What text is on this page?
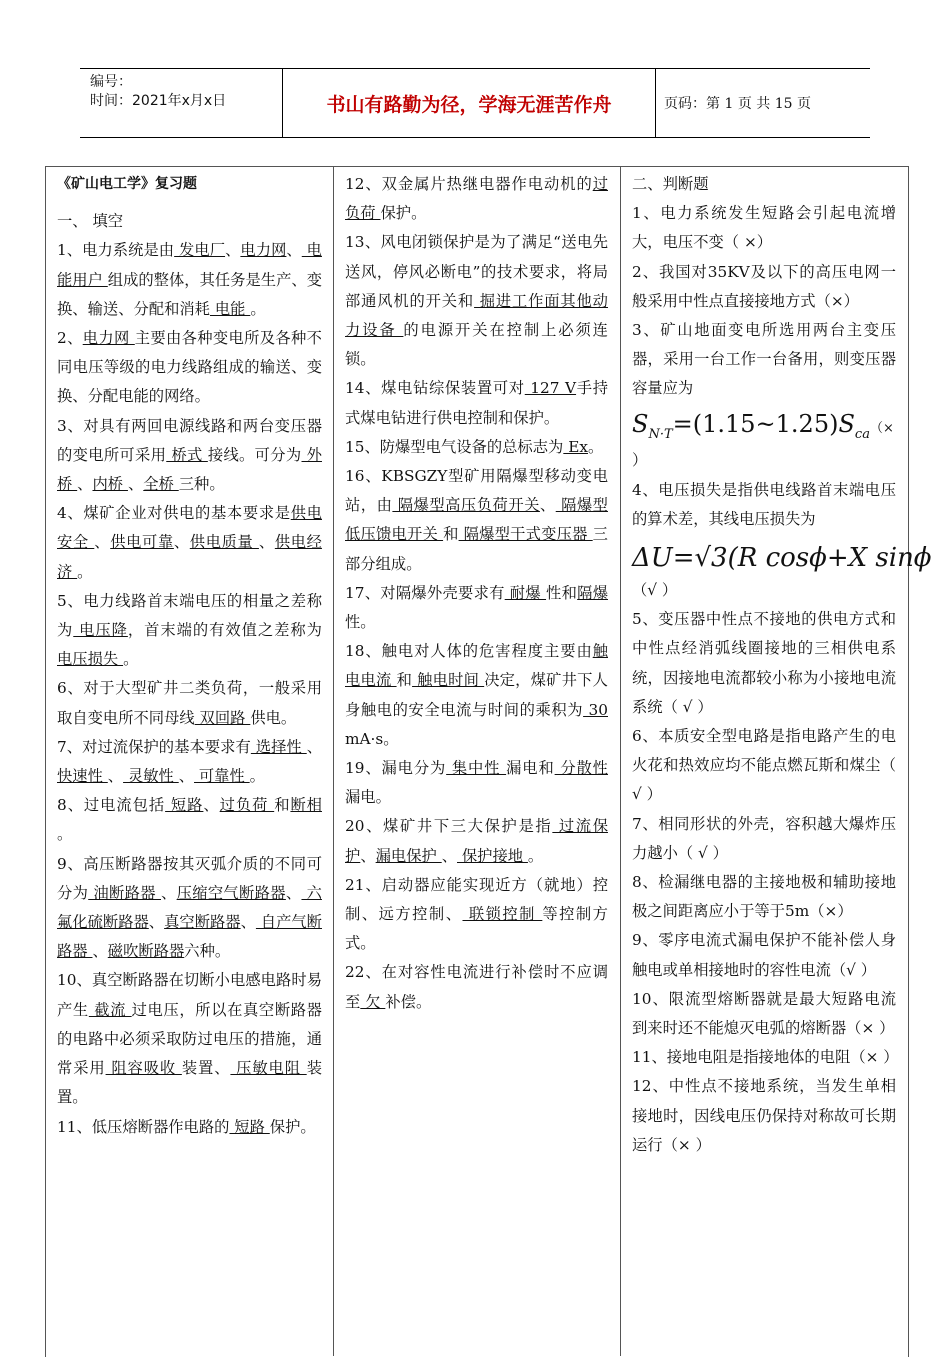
编号：
时间：2021年x月x日	书山有路勤为径，学海无涯苦作舟	页码：第 1 页 共 15 页

《矿山电工学》复习题

一、 填空

1、电力系统是由 发电厂、电力网、 电能用户 组成的整体，其任务是生产、变换、输送、分配和消耗 电能 。

2、电力网 主要由各种变电所及各种不同电压等级的电力线路组成的输送、变换、分配电能的网络。

3、对具有两回电源线路和两台变压器的变电所可采用 桥式 接线。可分为 外桥 、内桥 、全桥 三种。

4、煤矿企业对供电的基本要求是供电安全 、供电可靠、供电质量 、供电经济 。

5、电力线路首末端电压的相量之差称为 电压降，首末端的有效值之差称为 电压损失 。

6、对于大型矿井二类负荷，一般采用取自变电所不同母线 双回路 供电。

7、对过流保护的基本要求有 选择性 、 快速性 、 灵敏性 、 可靠性 。

8、过电流包括 短路、过负荷 和断相 。

9、高压断路器按其灭弧介质的不同可分为 油断路器 、压缩空气断路器、 六氟化硫断路器、真空断路器、 自产气断路器 、磁吹断路器六种。

10、真空断路器在切断小电感电路时易产生 截流 过电压，所以在真空断路器的电路中必须采取防过电压的措施，通常采用 阻容吸收 装置、 压敏电阻 装置。

11、低压熔断器作电路的 短路 保护。

12、双金属片热继电器作电动机的过负荷 保护。

13、风电闭锁保护是为了满足“送电先送风，停风必断电”的技术要求，将局部通风机的开关和 掘进工作面其他动力设备 的电源开关在控制上必须连锁。

14、煤电钻综保装置可对 127 V手持式煤电钻进行供电控制和保护。

15、防爆型电气设备的总标志为 Ex。

16、KBSGZY型矿用隔爆型移动变电站，由 隔爆型高压负荷开关、 隔爆型低压馈电开关 和 隔爆型干式变压器 三部分组成。

17、对隔爆外壳要求有 耐爆 性和隔爆 性。

18、触电对人体的危害程度主要由触电电流 和 触电时间 决定，煤矿井下人身触电的安全电流与时间的乘积为 30 mA·s。

19、漏电分为 集中性 漏电和 分散性 漏电。

20、煤矿井下三大保护是指 过流保护、漏电保护 、 保护接地 。

21、启动器应能实现近方（就地）控制、远方控制、 联锁控制 等控制方式。

22、在对容性电流进行补偿时不应调至 欠 补偿。

二、判断题

1、电力系统发生短路会引起电流增大，电压不变（ ×）

2、我国对35KV及以下的高压电网一般采用中性点直接接地方式（×）

3、矿山地面变电所选用两台主变压器，采用一台工作一台备用，则变压器容量应为

$S_{N\cdot T}=(1.15\sim 1.25)S_{ca}(\times$

）

4、电压损失是指供电线路首末端电压的算术差，其线电压损失为

ΔU=√3(R cosϕ+X sinϕ

（√ ）

5、变压器中性点不接地的供电方式和中性点经消弧线圈接地的三相供电系统，因接地电流都较小称为小接地电流系统（ √ ）

6、本质安全型电路是指电路产生的电火花和热效应均不能点燃瓦斯和煤尘（ √ ）

7、相同形状的外壳，容积越大爆炸压力越小（ √ ）

8、检漏继电器的主接地极和辅助接地极之间距离应小于等于5m（×）

9、零序电流式漏电保护不能补偿人身触电或单相接地时的容性电流（√ ）

10、限流型熔断器就是最大短路电流到来时还不能熄灭电弧的熔断器（× ）

11、接地电阻是指接地体的电阻（× ）

12、中性点不接地系统，当发生单相接地时，因线电压仍保持对称故可长期运行（× ）
